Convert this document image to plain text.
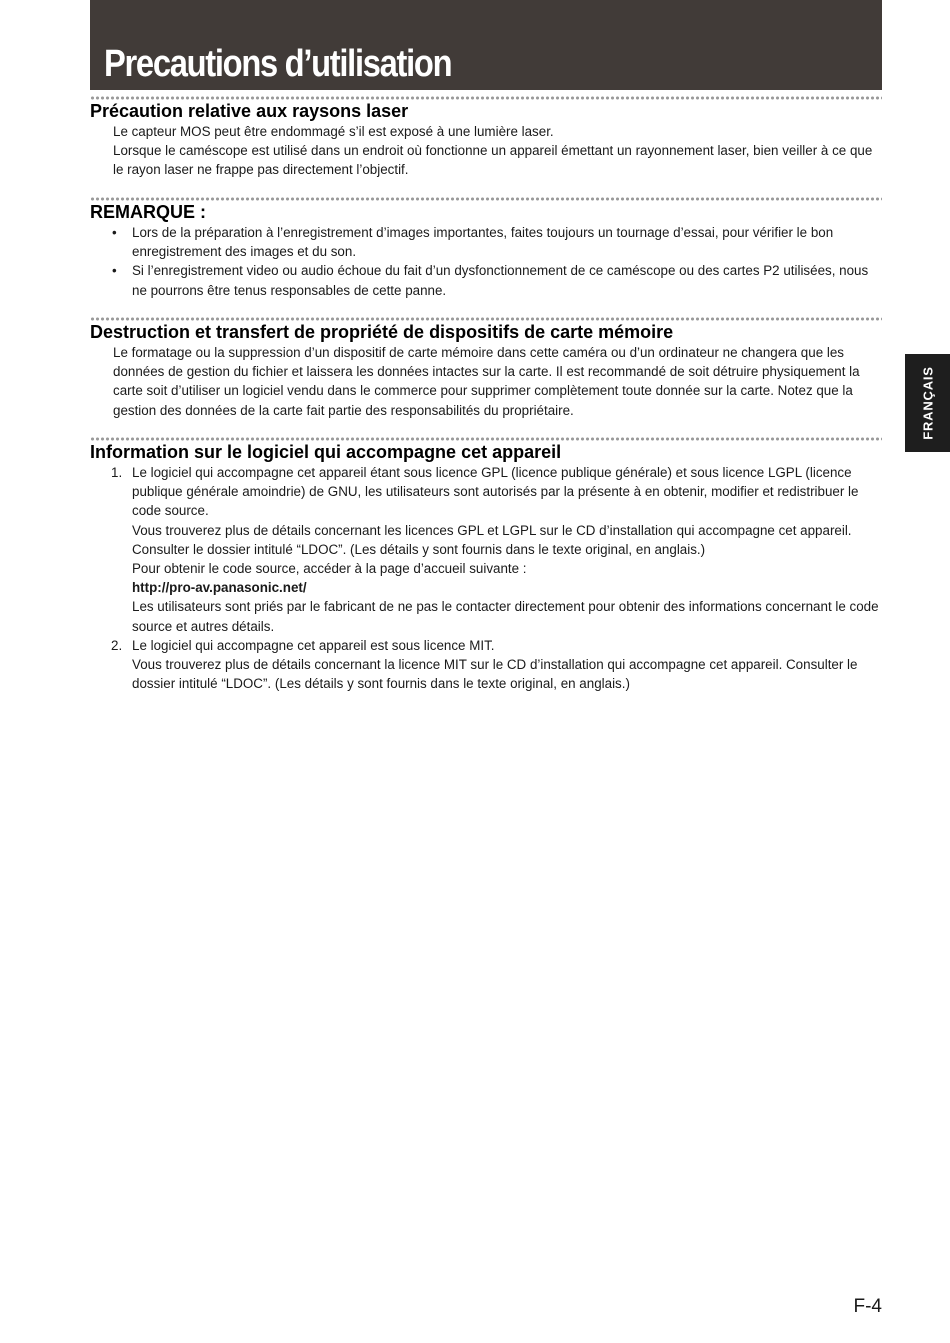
Precautions d’utilisation
Précaution relative aux raysons laser

Le capteur MOS peut être endommagé s’il est exposé à une lumière laser.

Lorsque le caméscope est utilisé dans un endroit où fonctionne un appareil émettant un rayonnement laser, bien veiller à ce que le rayon laser ne frappe pas directement l’objectif.

REMARQUE :
• Lors de la préparation à l’enregistrement d’images importantes, faites toujours un tournage d’essai, pour vérifier le bon enregistrement des images et du son.
• Si l’enregistrement video ou audio échoue du fait d’un dysfonctionnement de ce caméscope ou des cartes P2 utilisées, nous ne pourrons être tenus responsables de cette panne.
Destruction et transfert de propriété de dispositifs de carte mémoire

Le formatage ou la suppression d’un dispositif de carte mémoire dans cette caméra ou d’un ordinateur ne changera que les données de gestion du fichier et laissera les données intactes sur la carte. Il est recommandé de soit détruire physiquement la carte soit d’utiliser un logiciel vendu dans le commerce pour supprimer complètement toute donnée sur la carte. Notez que la gestion des données de la carte fait partie des responsabilités du propriétaire.

Information sur le logiciel qui accompagne cet appareil
1. Le logiciel qui accompagne cet appareil étant sous licence GPL (licence publique générale) et sous licence LGPL (licence publique générale amoindrie) de GNU, les utilisateurs sont autorisés par la présente à en obtenir, modifier et redistribuer le code source.

Vous trouverez plus de détails concernant les licences GPL et LGPL sur le CD d’installation qui accompagne cet appareil. Consulter le dossier intitulé “LDOC”. (Les détails y sont fournis dans le texte original, en anglais.)

Pour obtenir le code source, accéder à la page d’accueil suivante :

http://pro-av.panasonic.net/

Les utilisateurs sont priés par le fabricant de ne pas le contacter directement pour obtenir des informations concernant le code source et autres détails.

2. Le logiciel qui accompagne cet appareil est sous licence MIT.

Vous trouverez plus de détails concernant la licence MIT sur le CD d’installation qui accompagne cet appareil. Consulter le dossier intitulé “LDOC”. (Les détails y sont fournis dans le texte original, en anglais.)

FRANÇAIS
F-4
